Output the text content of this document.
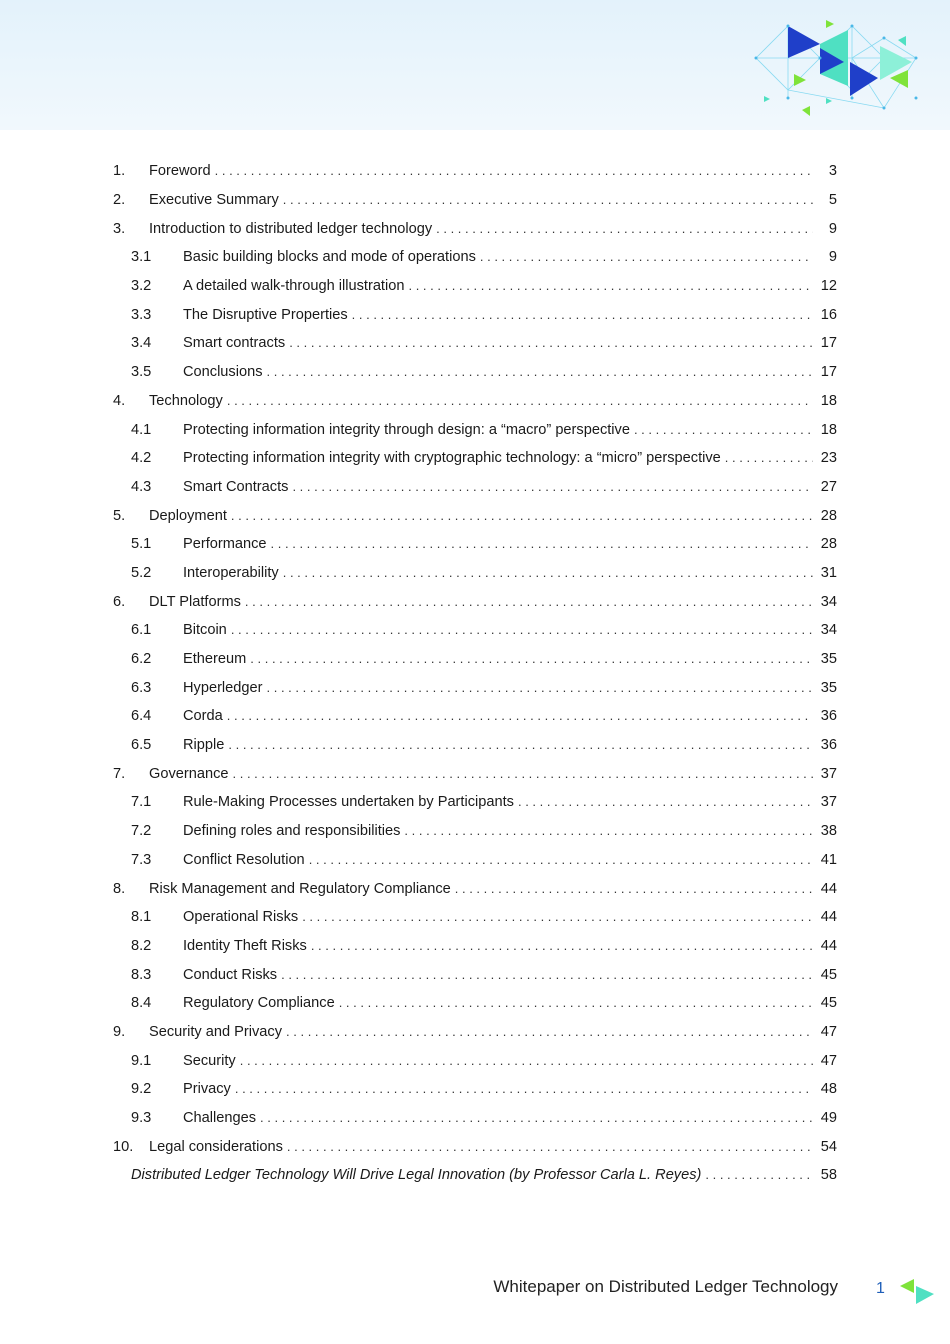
1.	Foreword . . .	3
2.	Executive Summary . . .	5
3.	Introduction to distributed ledger technology . . .	9
3.1	Basic building blocks and mode of operations . . .	9
3.2	A detailed walk-through illustration . . .	12
3.3	The Disruptive Properties . . .	16
3.4	Smart contracts . . .	17
3.5	Conclusions . . .	17
4.	Technology . . .	18
4.1	Protecting information integrity through design: a “macro” perspective . . .	18
4.2	Protecting information integrity with cryptographic technology: a “micro” perspective . . .	23
4.3	Smart Contracts . . .	27
5.	Deployment . . .	28
5.1	Performance . . .	28
5.2	Interoperability . . .	31
6.	DLT Platforms . . .	34
6.1	Bitcoin . . .	34
6.2	Ethereum . . .	35
6.3	Hyperledger . . .	35
6.4	Corda . . .	36
6.5	Ripple . . .	36
7.	Governance . . .	37
7.1	Rule-Making Processes undertaken by Participants . . .	37
7.2	Defining roles and responsibilities . . .	38
7.3	Conflict Resolution . . .	41
8.	Risk Management and Regulatory Compliance . . .	44
8.1	Operational Risks . . .	44
8.2	Identity Theft Risks . . .	44
8.3	Conduct Risks . . .	45
8.4	Regulatory Compliance . . .	45
9.	Security and Privacy . . .	47
9.1	Security . . .	47
9.2	Privacy . . .	48
9.3	Challenges . . .	49
10.	Legal considerations . . .	54
Distributed Ledger Technology Will Drive Legal Innovation (by Professor Carla L. Reyes) . . .	58
Whitepaper on Distributed Ledger Technology 1
